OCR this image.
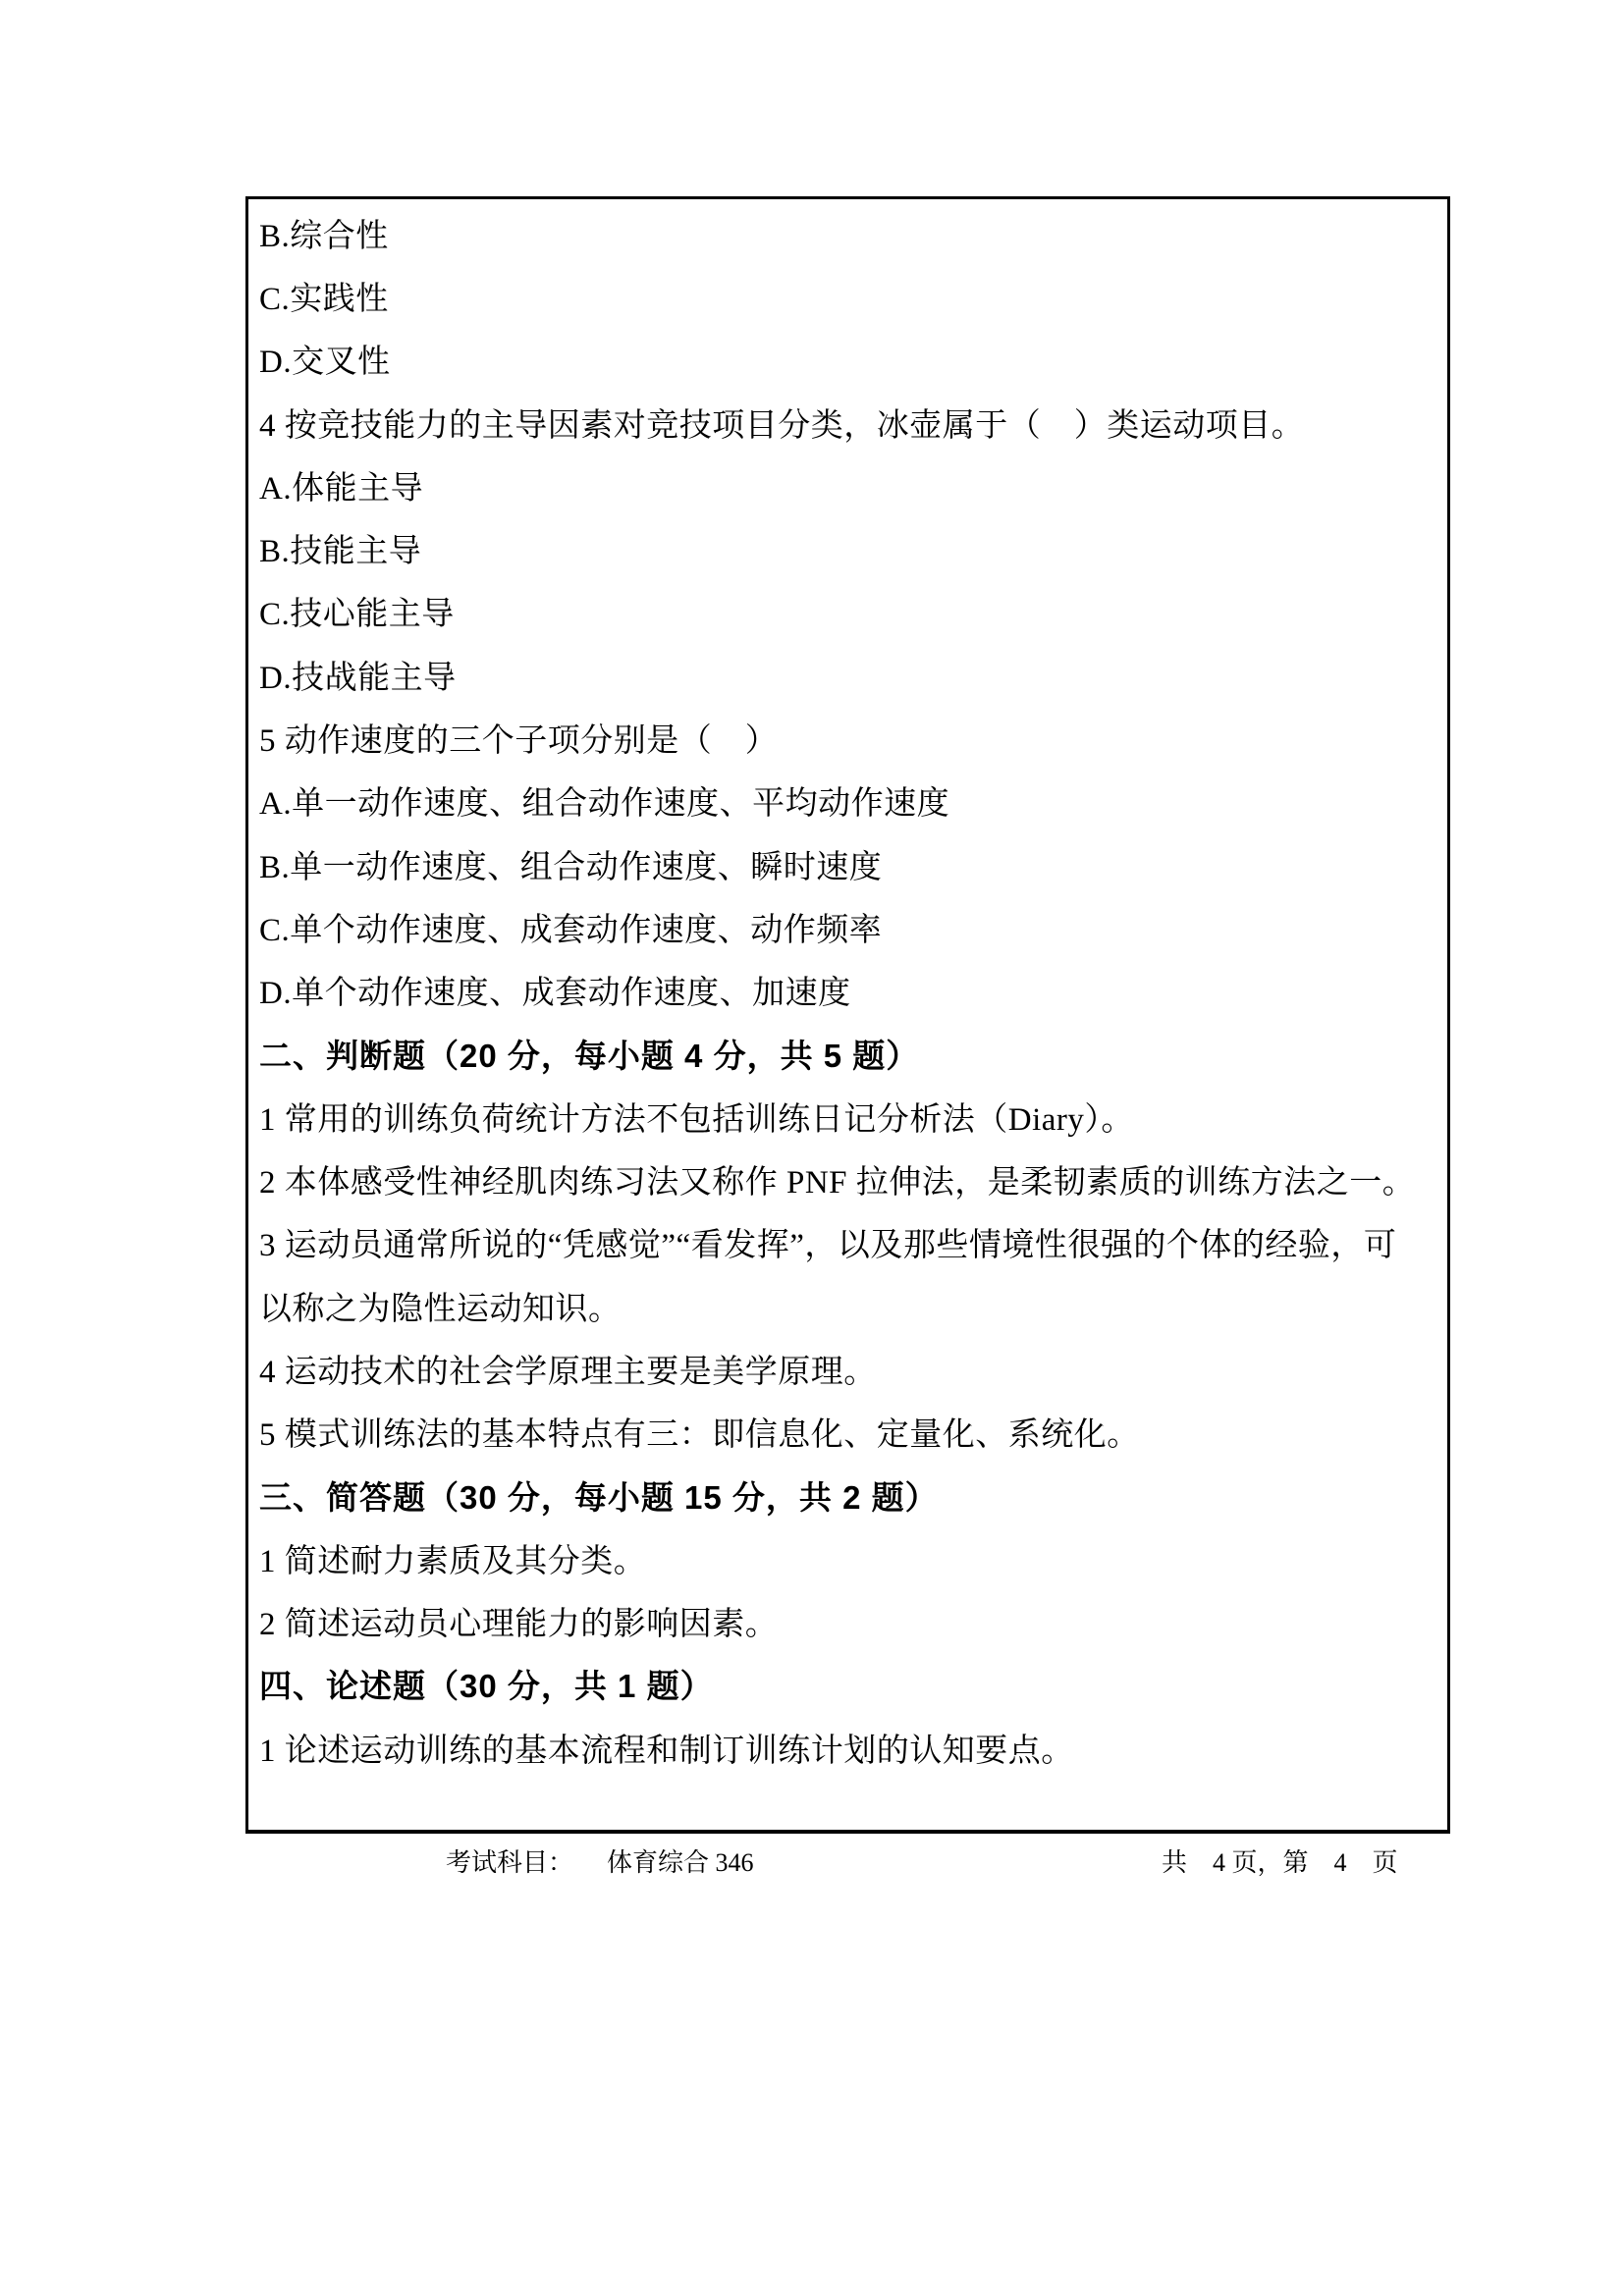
B.综合性
C.实践性
D.交叉性
4 按竞技能力的主导因素对竞技项目分类，冰壶属于（　）类运动项目。
A.体能主导
B.技能主导
C.技心能主导
D.技战能主导
5 动作速度的三个子项分别是（　）
A.单一动作速度、组合动作速度、平均动作速度
B.单一动作速度、组合动作速度、瞬时速度
C.单个动作速度、成套动作速度、动作频率
D.单个动作速度、成套动作速度、加速度
二、判断题（20 分，每小题 4 分，共 5 题）
1 常用的训练负荷统计方法不包括训练日记分析法（Diary）。
2 本体感受性神经肌肉练习法又称作 PNF 拉伸法，是柔韧素质的训练方法之一。
3 运动员通常所说的“凭感觉”“看发挥”，以及那些情境性很强的个体的经验，可
以称之为隐性运动知识。
4 运动技术的社会学原理主要是美学原理。
5 模式训练法的基本特点有三：即信息化、定量化、系统化。
三、简答题（30 分，每小题 15 分，共 2 题）
1 简述耐力素质及其分类。
2 简述运动员心理能力的影响因素。
四、论述题（30 分，共 1 题）
1 论述运动训练的基本流程和制订训练计划的认知要点。

考试科目：

体育综合 346

	共　4 页，第　4　页
